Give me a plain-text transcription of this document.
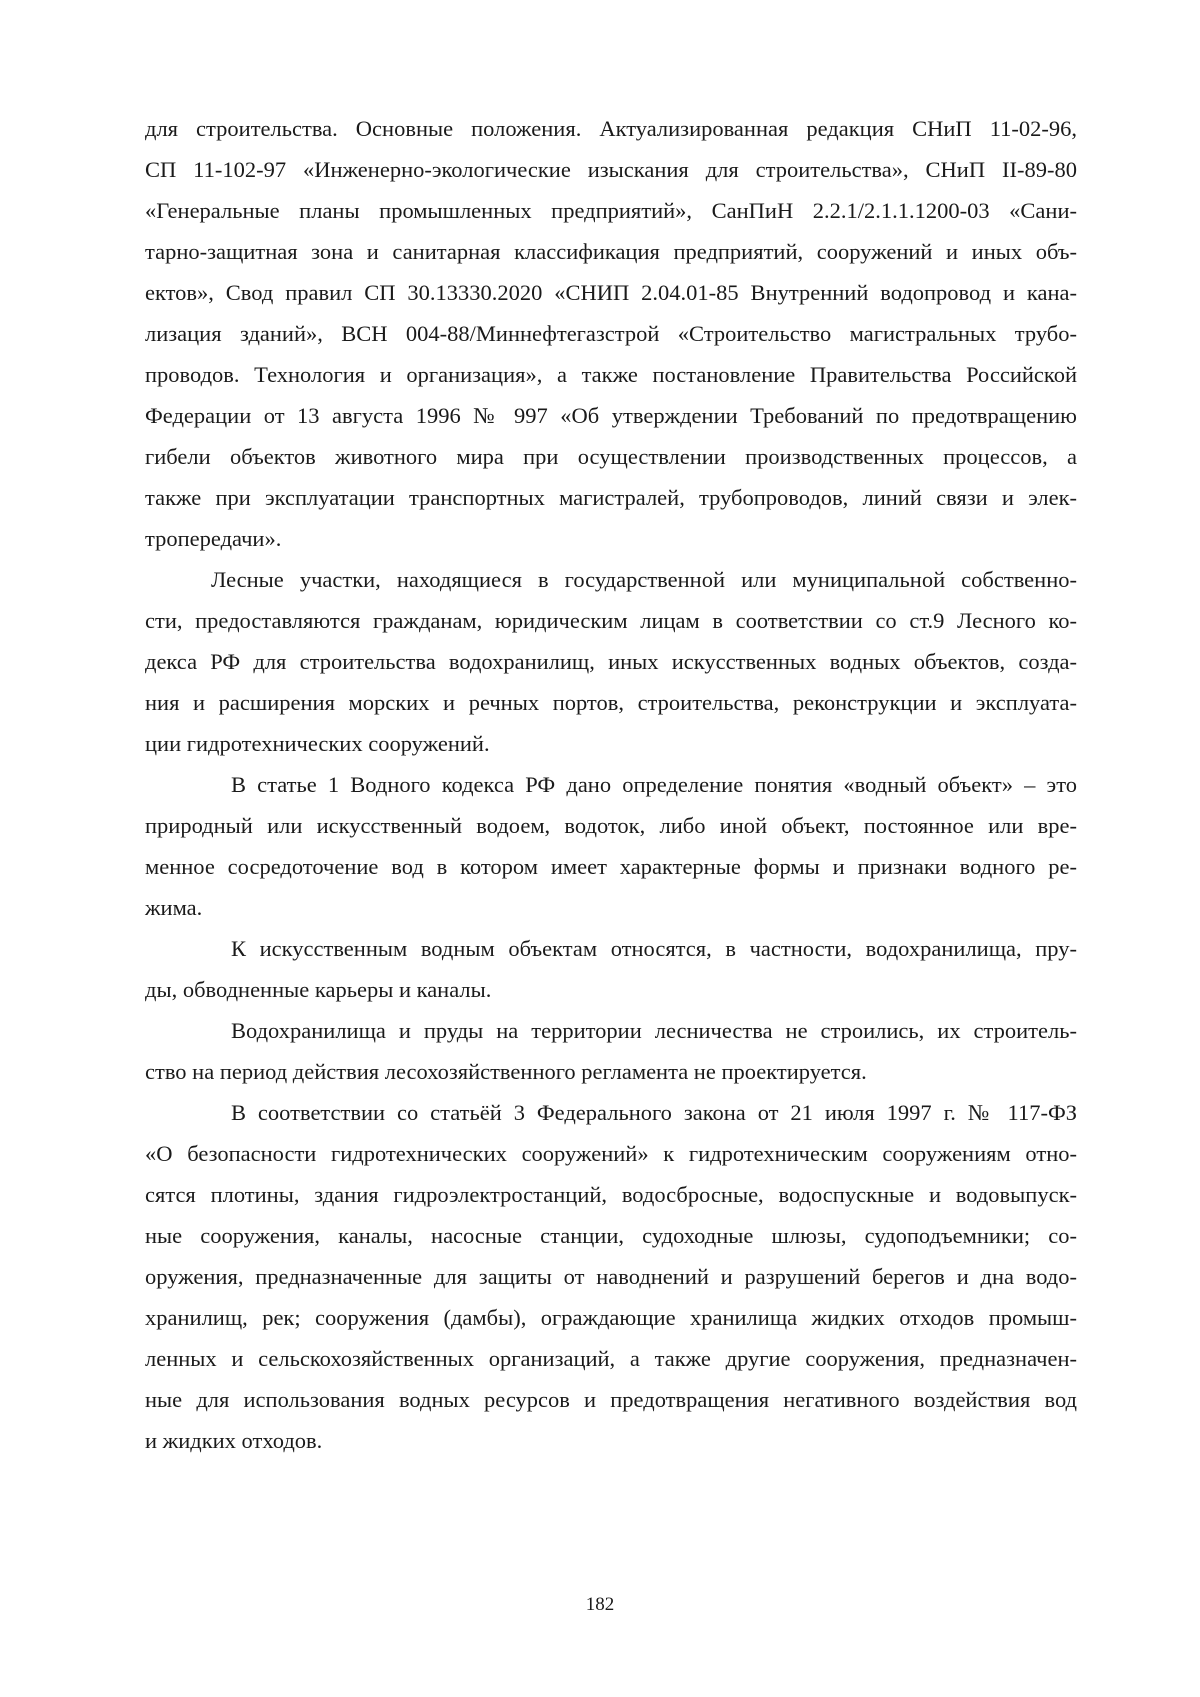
для строительства. Основные положения. Актуализированная редакция СНиП 11-02-96,
СП 11-102-97 «Инженерно-экологические изыскания для строительства», СНиП II-89-80
«Генеральные планы промышленных предприятий», СанПиН 2.2.1/2.1.1.1200-03 «Сани-
тарно-защитная зона и санитарная классификация предприятий, сооружений и иных объ-
ектов», Свод правил СП 30.13330.2020 «СНИП 2.04.01-85 Внутренний водопровод и кана-
лизация зданий», ВСН 004-88/Миннефтегазстрой «Строительство магистральных трубо-
проводов. Технология и организация», а также постановление Правительства Российской
Федерации от 13 августа 1996 № 997 «Об утверждении Требований по предотвращению
гибели объектов животного мира при осуществлении производственных процессов, а
также при эксплуатации транспортных магистралей, трубопроводов, линий связи и элек-
тропередачи».
Лесные участки, находящиеся в государственной или муниципальной собственно-
сти, предоставляются гражданам, юридическим лицам в соответствии со ст.9 Лесного ко-
декса РФ для строительства водохранилищ, иных искусственных водных объектов, созда-
ния и расширения морских и речных портов, строительства, реконструкции и эксплуата-
ции гидротехнических сооружений.
В статье 1 Водного кодекса РФ дано определение понятия «водный объект» – это
природный или искусственный водоем, водоток, либо иной объект, постоянное или вре-
менное сосредоточение вод в котором имеет характерные формы и признаки водного ре-
жима.
К искусственным водным объектам относятся, в частности, водохранилища, пру-
ды, обводненные карьеры и каналы.
Водохранилища и пруды на территории лесничества не строились, их строитель-
ство на период действия лесохозяйственного регламента не проектируется.
В соответствии со статьёй 3 Федерального закона от 21 июля 1997 г. № 117-ФЗ
«О безопасности гидротехнических сооружений» к гидротехническим сооружениям отно-
сятся плотины, здания гидроэлектростанций, водосбросные, водоспускные и водовыпуск-
ные сооружения, каналы, насосные станции, судоходные шлюзы, судоподъемники; со-
оружения, предназначенные для защиты от наводнений и разрушений берегов и дна водо-
хранилищ, рек; сооружения (дамбы), ограждающие хранилища жидких отходов промыш-
ленных и сельскохозяйственных организаций, а также другие сооружения, предназначен-
ные для использования водных ресурсов и предотвращения негативного воздействия вод
и жидких отходов.
182
